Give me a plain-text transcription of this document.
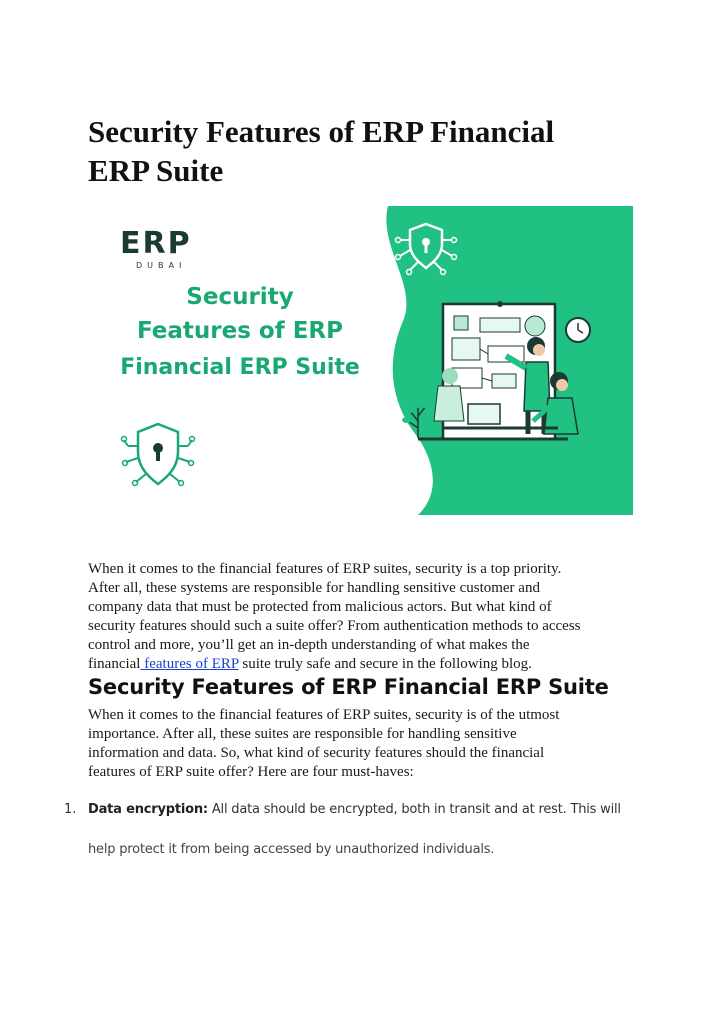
Security Features of ERP Financial
ERP Suite
ERP
DUBAI
Security
Features of ERP
Financial ERP Suite

When it comes to the financial features of ERP suites, security is a top priority.
After all, these systems are responsible for handling sensitive customer and
company data that must be protected from malicious actors. But what kind of
security features should such a suite offer? From authentication methods to access
control and more, you’ll get an in-depth understanding of what makes the
financial features of ERP suite truly safe and secure in the following blog.

Security Features of ERP Financial ERP Suite

When it comes to the financial features of ERP suites, security is of the utmost
importance. After all, these suites are responsible for handling sensitive
information and data. So, what kind of security features should the financial
features of ERP suite offer? Here are four must-haves:

1. Data encryption: All data should be encrypted, both in transit and at rest. This will
help protect it from being accessed by unauthorized individuals.
